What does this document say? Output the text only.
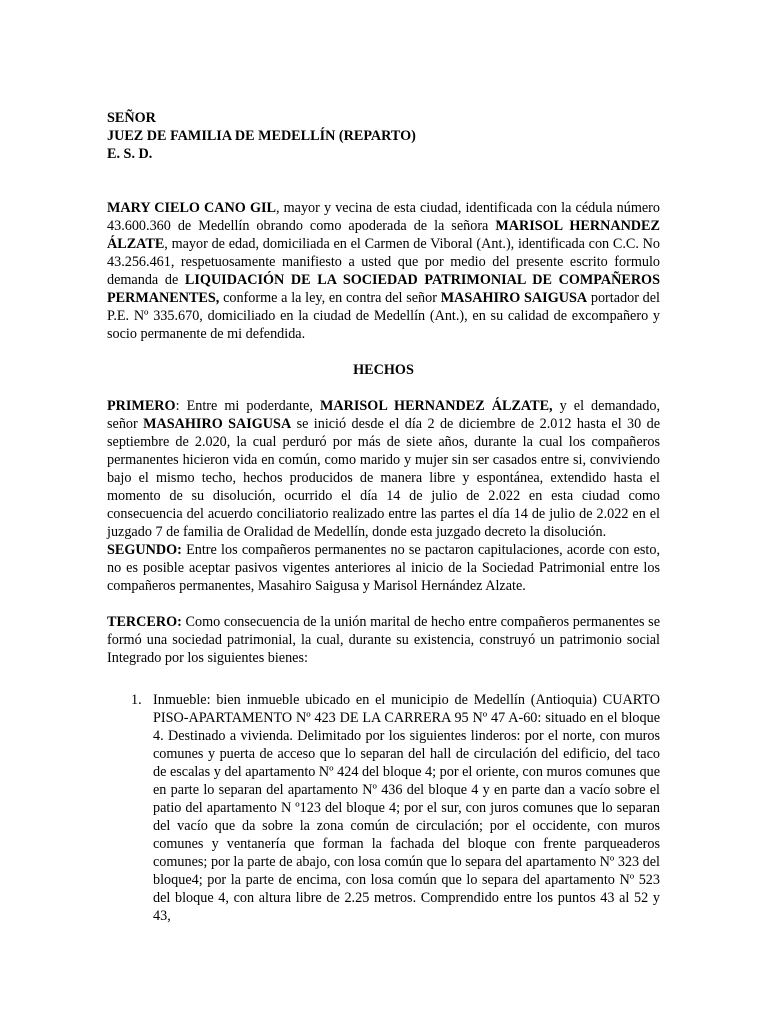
SEÑOR
JUEZ DE FAMILIA DE MEDELLÍN (REPARTO)
E. S. D.

MARY CIELO CANO GIL, mayor y vecina de esta ciudad, identificada con la cédula número 43.600.360 de Medellín obrando como apoderada de la señora MARISOL HERNANDEZ ÁLZATE, mayor de edad, domiciliada en el Carmen de Viboral (Ant.), identificada con C.C. No 43.256.461, respetuosamente manifiesto a usted que por medio del presente escrito formulo demanda de LIQUIDACIÓN DE LA SOCIEDAD PATRIMONIAL DE COMPAÑEROS PERMANENTES, conforme a la ley, en contra del señor MASAHIRO SAIGUSA portador del P.E. Nº 335.670, domiciliado en la ciudad de Medellín (Ant.), en su calidad de excompañero y socio permanente de mi defendida.

HECHOS

PRIMERO: Entre mi poderdante, MARISOL HERNANDEZ ÁLZATE, y el demandado, señor MASAHIRO SAIGUSA se inició desde el día 2 de diciembre de 2.012 hasta el 30 de septiembre de 2.020, la cual perduró por más de siete años, durante la cual los compañeros permanentes hicieron vida en común, como marido y mujer sin ser casados entre si, conviviendo bajo el mismo techo, hechos producidos de manera libre y espontánea, extendido hasta el momento de su disolución, ocurrido el día 14 de julio de 2.022 en esta ciudad como consecuencia del acuerdo conciliatorio realizado entre las partes el día 14 de julio de 2.022 en el juzgado 7 de familia de Oralidad de Medellín, donde esta juzgado decreto la disolución.

SEGUNDO: Entre los compañeros permanentes no se pactaron capitulaciones, acorde con esto, no es posible aceptar pasivos vigentes anteriores al inicio de la Sociedad Patrimonial entre los compañeros permanentes, Masahiro Saigusa y Marisol Hernández Alzate.

TERCERO: Como consecuencia de la unión marital de hecho entre compañeros permanentes se formó una sociedad patrimonial, la cual, durante su existencia, construyó un patrimonio social Integrado por los siguientes bienes:

1. Inmueble: bien inmueble ubicado en el municipio de Medellín (Antioquia) CUARTO PISO-APARTAMENTO Nº 423 DE LA CARRERA 95 Nº 47 A-60: situado en el bloque 4. Destinado a vivienda. Delimitado por los siguientes linderos: por el norte, con muros comunes y puerta de acceso que lo separan del hall de circulación del edificio, del taco de escalas y del apartamento Nº 424 del bloque 4; por el oriente, con muros comunes que en parte lo separan del apartamento Nº 436 del bloque 4 y en parte dan a vacío sobre el patio del apartamento N º123 del bloque 4; por el sur, con juros comunes que lo separan del vacío que da sobre la zona común de circulación; por el occidente, con muros comunes y ventanería que forman la fachada del bloque con frente parqueaderos comunes; por la parte de abajo, con losa común que lo separa del apartamento Nº 323 del bloque4; por la parte de encima, con losa común que lo separa del apartamento Nº 523 del bloque 4, con altura libre de 2.25 metros. Comprendido entre los puntos 43 al 52 y 43,
